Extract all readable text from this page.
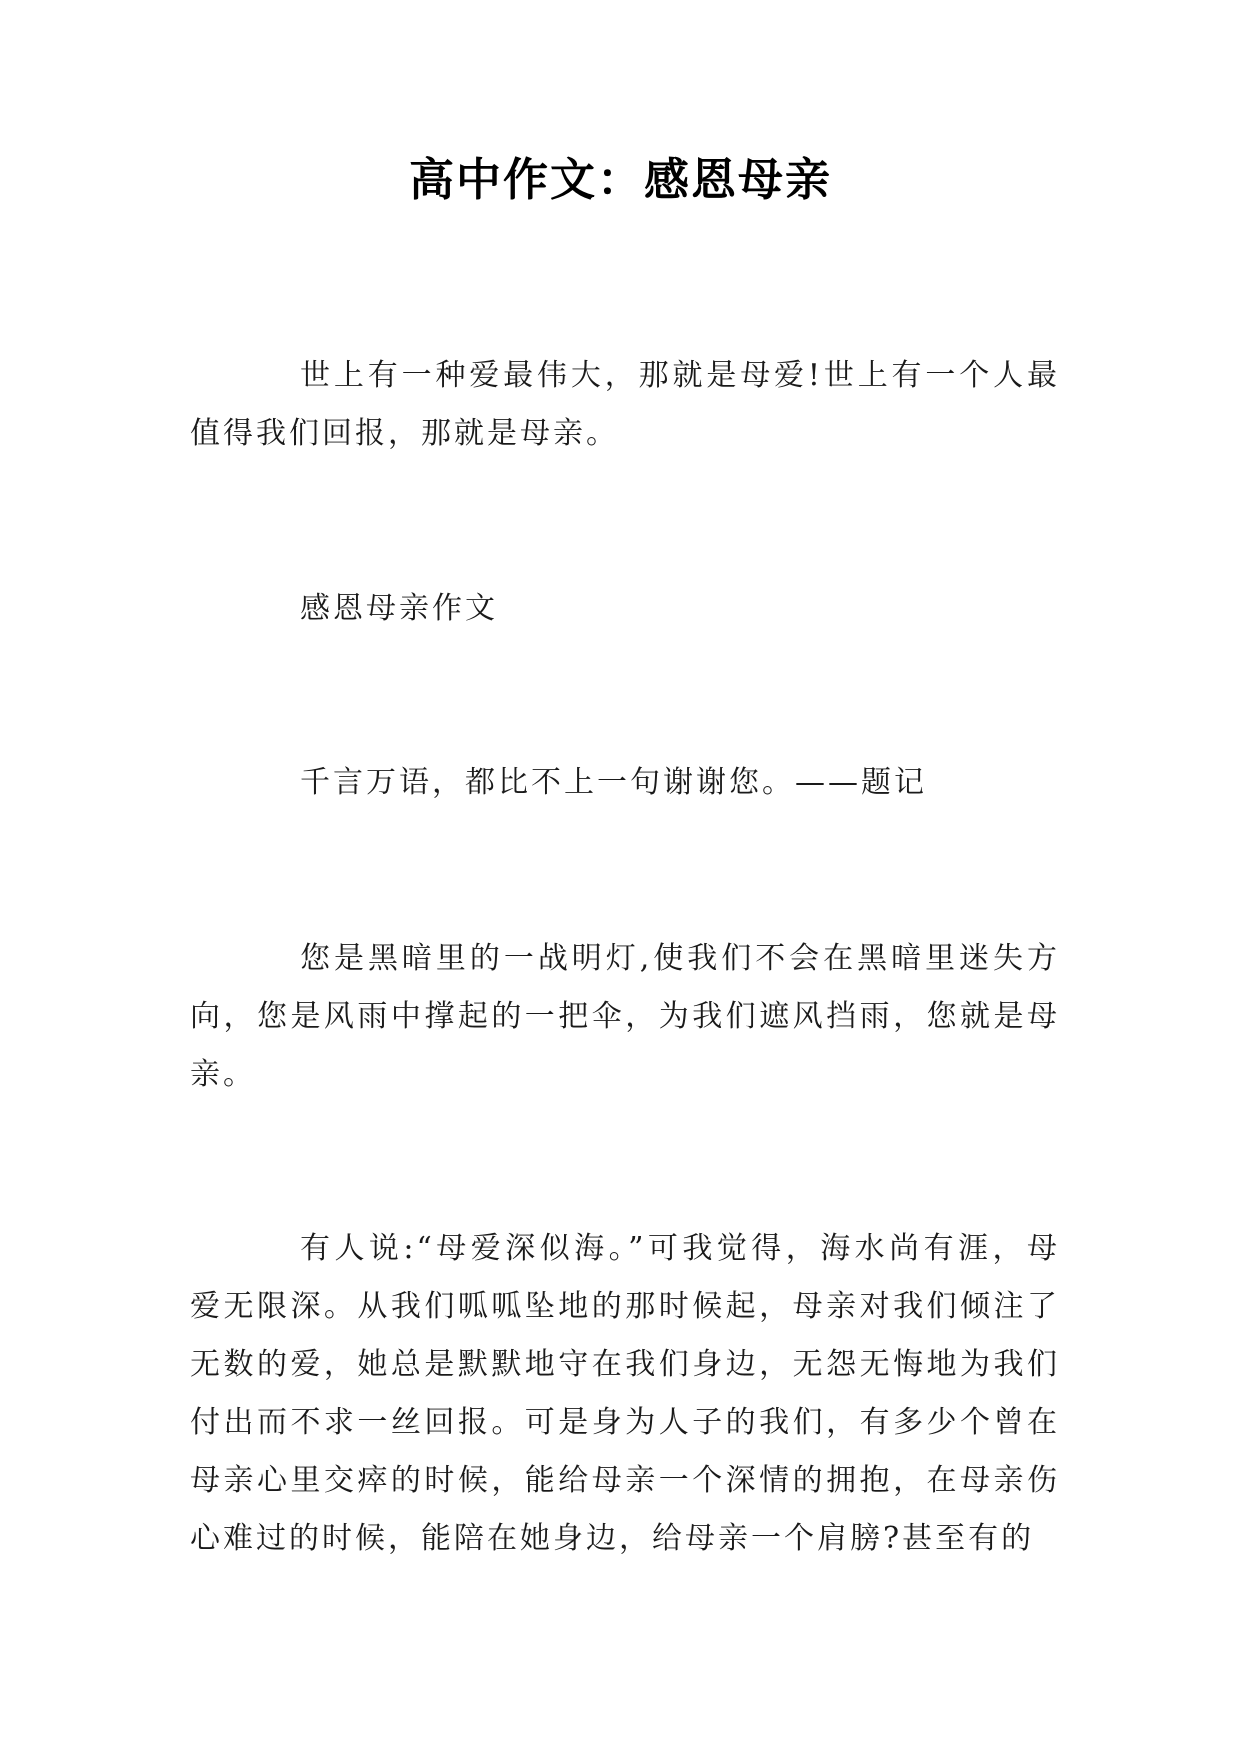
高中作文：感恩母亲

世上有一种爱最伟大，那就是母爱!世上有一个人最值得我们回报，那就是母亲。

感恩母亲作文

千言万语，都比不上一句谢谢您。——题记

您是黑暗里的一战明灯,使我们不会在黑暗里迷失方向，您是风雨中撑起的一把伞，为我们遮风挡雨，您就是母亲。

有人说:“母爱深似海。”可我觉得，海水尚有涯，母爱无限深。从我们呱呱坠地的那时候起，母亲对我们倾注了无数的爱，她总是默默地守在我们身边，无怨无悔地为我们付出而不求一丝回报。可是身为人子的我们，有多少个曾在母亲心里交瘁的时候，能给母亲一个深情的拥抱，在母亲伤心难过的时候，能陪在她身边，给母亲一个肩膀?甚至有的
